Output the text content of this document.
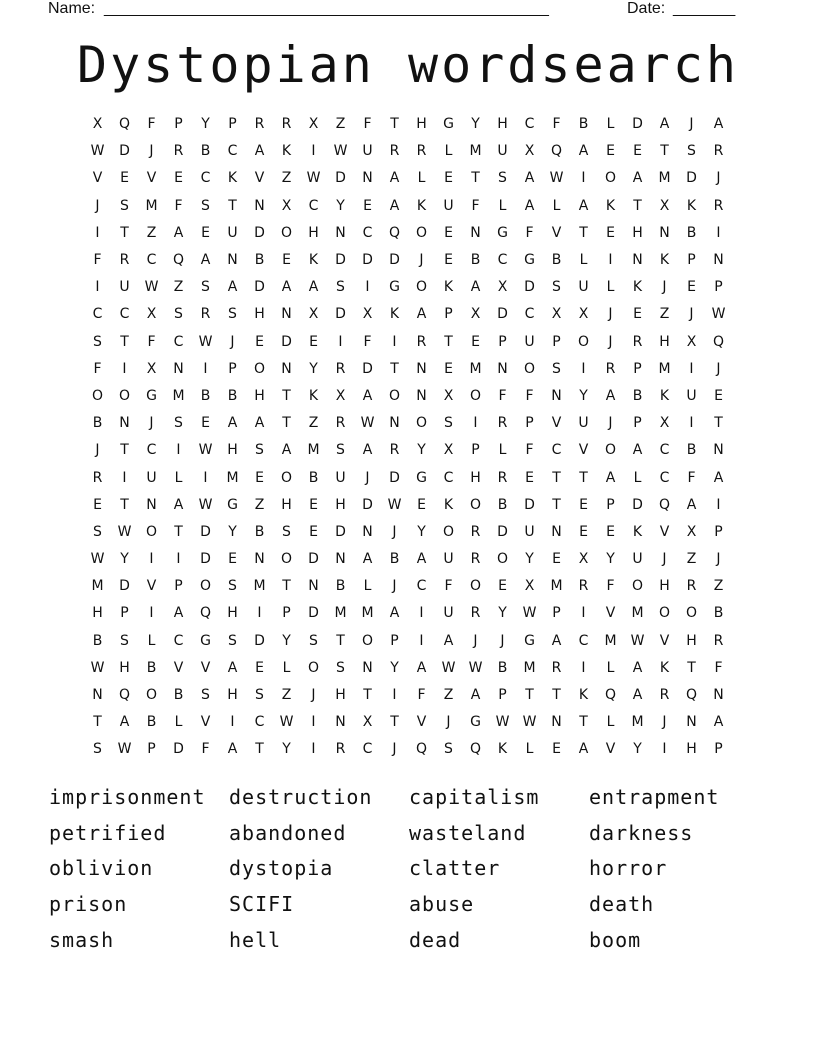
Name:

__________________________________________________

	Date:

_______

Dystopian wordsearch
X	Q	F	P	Y	P	R	R	X	Z	F	T	H	G	Y	H	C	F	B	L	D	A	J	A
W	D	J	R	B	C	A	K	I	W	U	R	R	L	M	U	X	Q	A	E	E	T	S	R
V	E	V	E	C	K	V	Z	W	D	N	A	L	E	T	S	A	W	I	O	A	M	D	J
J	S	M	F	S	T	N	X	C	Y	E	A	K	U	F	L	A	L	A	K	T	X	K	R
I	T	Z	A	E	U	D	O	H	N	C	Q	O	E	N	G	F	V	T	E	H	N	B	I
F	R	C	Q	A	N	B	E	K	D	D	D	J	E	B	C	G	B	L	I	N	K	P	N
I	U	W	Z	S	A	D	A	A	S	I	G	O	K	A	X	D	S	U	L	K	J	E	P
C	C	X	S	R	S	H	N	X	D	X	K	A	P	X	D	C	X	X	J	E	Z	J	W
S	T	F	C	W	J	E	D	E	I	F	I	R	T	E	P	U	P	O	J	R	H	X	Q
F	I	X	N	I	P	O	N	Y	R	D	T	N	E	M	N	O	S	I	R	P	M	I	J
O	O	G	M	B	B	H	T	K	X	A	O	N	X	O	F	F	N	Y	A	B	K	U	E
B	N	J	S	E	A	A	T	Z	R	W	N	O	S	I	R	P	V	U	J	P	X	I	T
J	T	C	I	W	H	S	A	M	S	A	R	Y	X	P	L	F	C	V	O	A	C	B	N
R	I	U	L	I	M	E	O	B	U	J	D	G	C	H	R	E	T	T	A	L	C	F	A
E	T	N	A	W	G	Z	H	E	H	D	W	E	K	O	B	D	T	E	P	D	Q	A	I
S	W	O	T	D	Y	B	S	E	D	N	J	Y	O	R	D	U	N	E	E	K	V	X	P
W	Y	I	I	D	E	N	O	D	N	A	B	A	U	R	O	Y	E	X	Y	U	J	Z	J
M	D	V	P	O	S	M	T	N	B	L	J	C	F	O	E	X	M	R	F	O	H	R	Z
H	P	I	A	Q	H	I	P	D	M	M	A	I	U	R	Y	W	P	I	V	M	O	O	B
B	S	L	C	G	S	D	Y	S	T	O	P	I	A	J	J	G	A	C	M	W	V	H	R
W	H	B	V	V	A	E	L	O	S	N	Y	A	W W	B	M	R	I	L	A	K	T	F
N	Q	O	B	S	H	S	Z	J	H	T	I	F	Z	A	P	T	T	K	Q	A	R	Q	N
T	A	B	L	V	I	C	W	I	N	X	T	V	J	G	W W	N	T	L	M	J	N	A
S	W	P	D	F	A	T	Y	I	R	C	J	Q	S	Q	K	L	E	A	V	Y	I	H	P
imprisonment	destruction	capitalism	entrapment
petrified	abandoned	wasteland	darkness
oblivion	dystopia	clatter	horror
prison	SCIFI	abuse	death
smash	hell	dead	boom
